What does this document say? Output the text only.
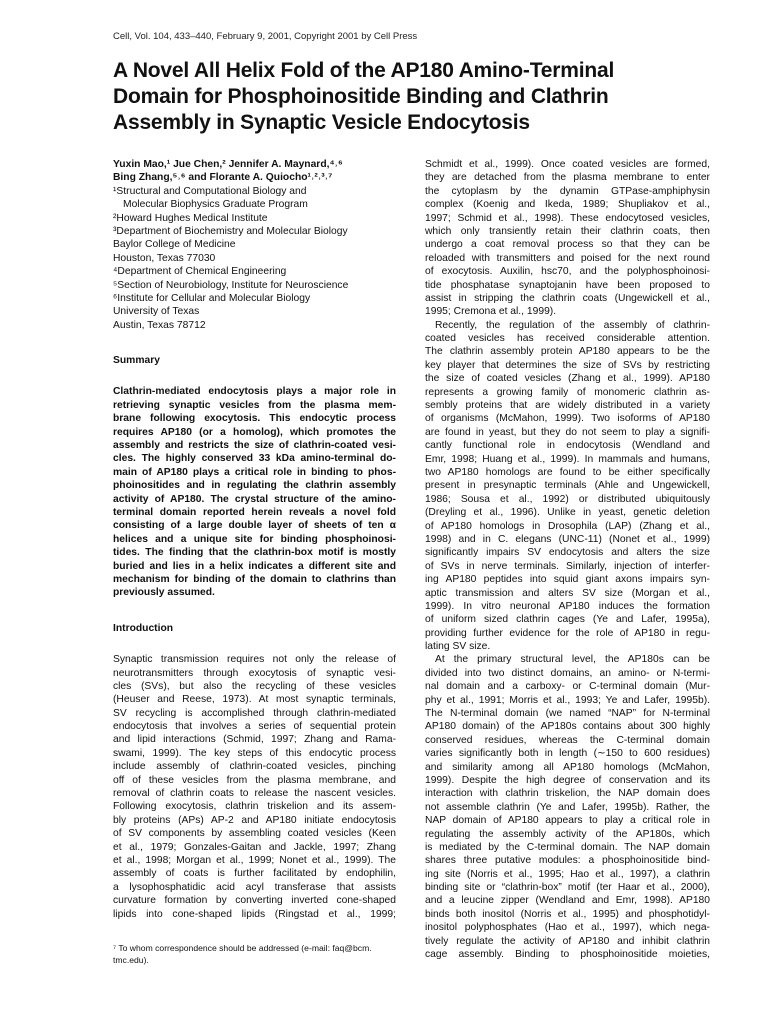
Cell, Vol. 104, 433–440, February 9, 2001, Copyright 2001 by Cell Press
A Novel All Helix Fold of the AP180 Amino-Terminal
Domain for Phosphoinositide Binding and Clathrin
Assembly in Synaptic Vesicle Endocytosis
Yuxin Mao,¹ Jue Chen,² Jennifer A. Maynard,⁴˒⁶
Bing Zhang,⁵˒⁶ and Florante A. Quiocho¹˒²˒³˒⁷
¹Structural and Computational Biology and
Molecular Biophysics Graduate Program
²Howard Hughes Medical Institute
³Department of Biochemistry and Molecular Biology
Baylor College of Medicine
Houston, Texas 77030
⁴Department of Chemical Engineering
⁵Section of Neurobiology, Institute for Neuroscience
⁶Institute for Cellular and Molecular Biology
University of Texas
Austin, Texas 78712
Summary
Clathrin-mediated endocytosis plays a major role in
retrieving synaptic vesicles from the plasma mem-
brane following exocytosis. This endocytic process
requires AP180 (or a homolog), which promotes the
assembly and restricts the size of clathrin-coated vesi-
cles. The highly conserved 33 kDa amino-terminal do-
main of AP180 plays a critical role in binding to phos-
phoinositides and in regulating the clathrin assembly
activity of AP180. The crystal structure of the amino-
terminal domain reported herein reveals a novel fold
consisting of a large double layer of sheets of ten α
helices and a unique site for binding phosphoinosi-
tides. The finding that the clathrin-box motif is mostly
buried and lies in a helix indicates a different site and
mechanism for binding of the domain to clathrins than
previously assumed.
Introduction
Synaptic transmission requires not only the release of
neurotransmitters through exocytosis of synaptic vesi-
cles (SVs), but also the recycling of these vesicles
(Heuser and Reese, 1973). At most synaptic terminals,
SV recycling is accomplished through clathrin-mediated
endocytosis that involves a series of sequential protein
and lipid interactions (Schmid, 1997; Zhang and Rama-
swami, 1999). The key steps of this endocytic process
include assembly of clathrin-coated vesicles, pinching
off of these vesicles from the plasma membrane, and
removal of clathrin coats to release the nascent vesicles.
Following exocytosis, clathrin triskelion and its assem-
bly proteins (APs) AP-2 and AP180 initiate endocytosis
of SV components by assembling coated vesicles (Keen
et al., 1979; Gonzales-Gaitan and Jackle, 1997; Zhang
et al., 1998; Morgan et al., 1999; Nonet et al., 1999). The
assembly of coats is further facilitated by endophilin,
a lysophosphatidic acid acyl transferase that assists
curvature formation by converting inverted cone-shaped
lipids into cone-shaped lipids (Ringstad et al., 1999;
⁷ To whom correspondence should be addressed (e-mail: faq@bcm.
tmc.edu).
Schmidt et al., 1999). Once coated vesicles are formed,
they are detached from the plasma membrane to enter
the cytoplasm by the dynamin GTPase-amphiphysin
complex (Koenig and Ikeda, 1989; Shupliakov et al.,
1997; Schmid et al., 1998). These endocytosed vesicles,
which only transiently retain their clathrin coats, then
undergo a coat removal process so that they can be
reloaded with transmitters and poised for the next round
of exocytosis. Auxilin, hsc70, and the polyphosphoinosi-
tide phosphatase synaptojanin have been proposed to
assist in stripping the clathrin coats (Ungewickell et al.,
1995; Cremona et al., 1999).
Recently, the regulation of the assembly of clathrin-
coated vesicles has received considerable attention.
The clathrin assembly protein AP180 appears to be the
key player that determines the size of SVs by restricting
the size of coated vesicles (Zhang et al., 1999). AP180
represents a growing family of monomeric clathrin as-
sembly proteins that are widely distributed in a variety
of organisms (McMahon, 1999). Two isoforms of AP180
are found in yeast, but they do not seem to play a signifi-
cantly functional role in endocytosis (Wendland and
Emr, 1998; Huang et al., 1999). In mammals and humans,
two AP180 homologs are found to be either specifically
present in presynaptic terminals (Ahle and Ungewickell,
1986; Sousa et al., 1992) or distributed ubiquitously
(Dreyling et al., 1996). Unlike in yeast, genetic deletion
of AP180 homologs in Drosophila (LAP) (Zhang et al.,
1998) and in C. elegans (UNC-11) (Nonet et al., 1999)
significantly impairs SV endocytosis and alters the size
of SVs in nerve terminals. Similarly, injection of interfer-
ing AP180 peptides into squid giant axons impairs syn-
aptic transmission and alters SV size (Morgan et al.,
1999). In vitro neuronal AP180 induces the formation
of uniform sized clathrin cages (Ye and Lafer, 1995a),
providing further evidence for the role of AP180 in regu-
lating SV size.
At the primary structural level, the AP180s can be
divided into two distinct domains, an amino- or N-termi-
nal domain and a carboxy- or C-terminal domain (Mur-
phy et al., 1991; Morris et al., 1993; Ye and Lafer, 1995b).
The N-terminal domain (we named “NAP” for N-terminal
AP180 domain) of the AP180s contains about 300 highly
conserved residues, whereas the C-terminal domain
varies significantly both in length (∼150 to 600 residues)
and similarity among all AP180 homologs (McMahon,
1999). Despite the high degree of conservation and its
interaction with clathrin triskelion, the NAP domain does
not assemble clathrin (Ye and Lafer, 1995b). Rather, the
NAP domain of AP180 appears to play a critical role in
regulating the assembly activity of the AP180s, which
is mediated by the C-terminal domain. The NAP domain
shares three putative modules: a phosphoinositide bind-
ing site (Norris et al., 1995; Hao et al., 1997), a clathrin
binding site or “clathrin-box” motif (ter Haar et al., 2000),
and a leucine zipper (Wendland and Emr, 1998). AP180
binds both inositol (Norris et al., 1995) and phosphotidyl-
inositol polyphosphates (Hao et al., 1997), which nega-
tively regulate the activity of AP180 and inhibit clathrin
cage assembly. Binding to phosphoinositide moieties,
